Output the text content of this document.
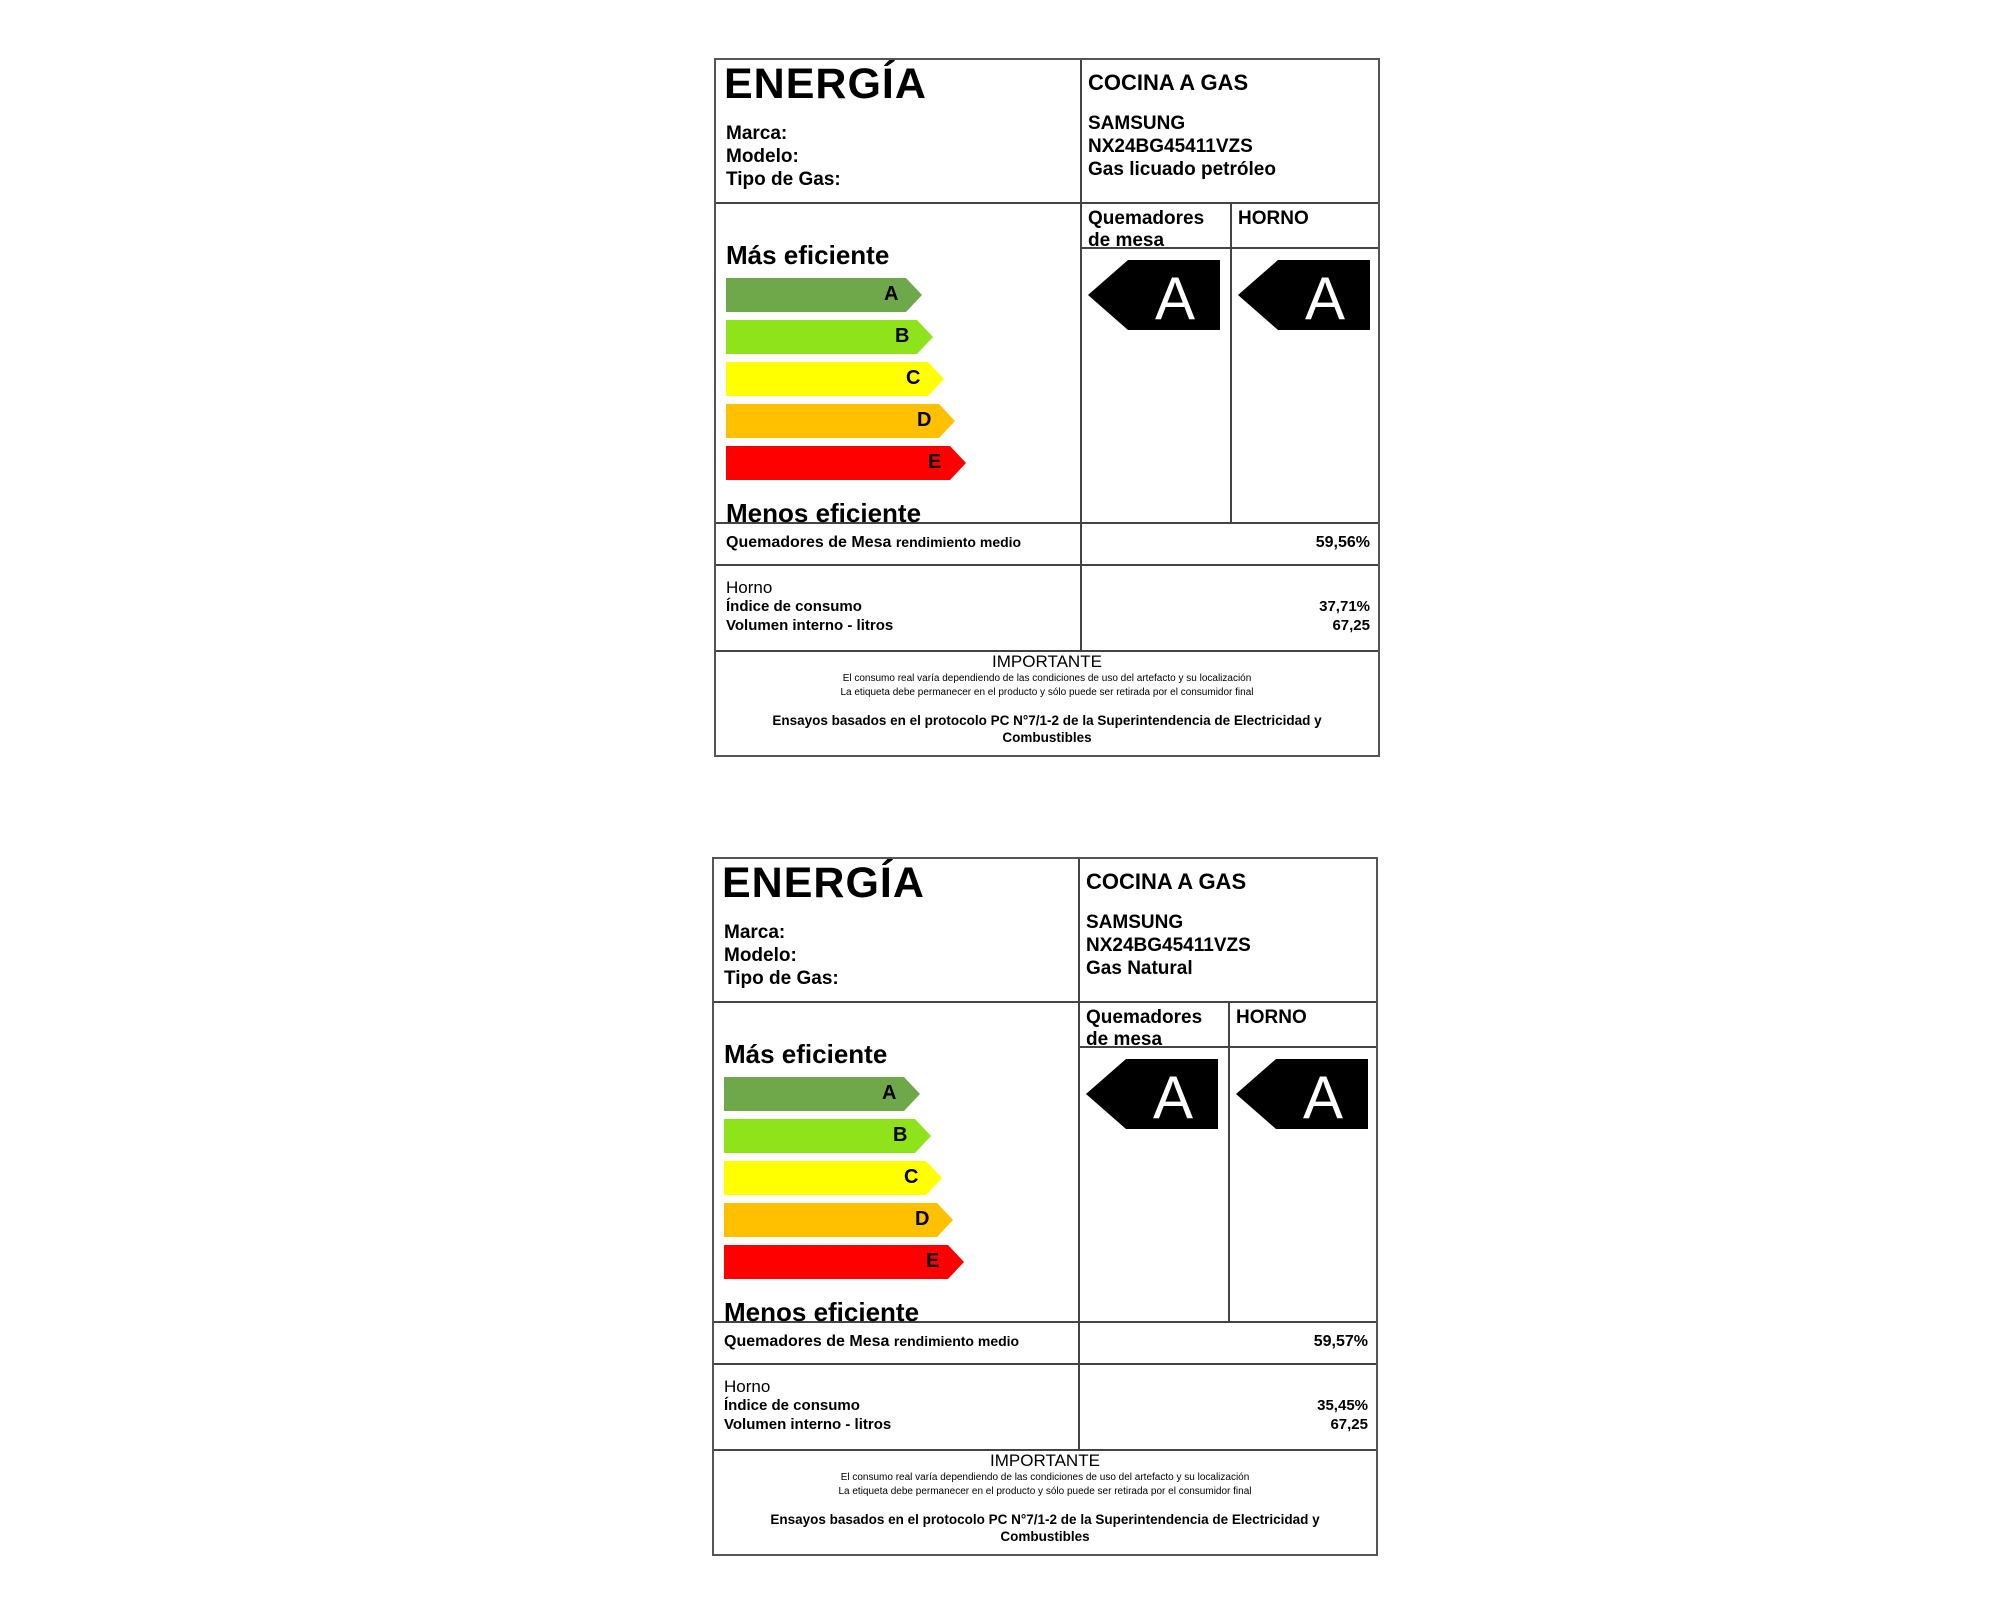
ENERGÍA
Marca:
Modelo:
Tipo de Gas:
COCINA A GAS
SAMSUNG
NX24BG45411VZS
Gas licuado petróleo
Más eficiente
A
B
C
D
E
Menos eficiente
Quemadores de mesa
HORNO
A A
Quemadores de Mesa rendimiento medio	59,56%
Horno
Índice de consumo
Volumen interno - litros
37,71%
67,25
IMPORTANTE
El consumo real varía dependiendo de las condiciones de uso del artefacto y su localización
La etiqueta debe permanecer en el producto y sólo puede ser retirada por el consumidor final
Ensayos basados en el protocolo PC N°7/1-2 de la Superintendencia de Electricidad y
Combustibles
ENERGÍA
Marca:
Modelo:
Tipo de Gas:
COCINA A GAS
SAMSUNG
NX24BG45411VZS
Gas Natural
Más eficiente
A
B
C
D
E
Menos eficiente
Quemadores de mesa
HORNO
A A
Quemadores de Mesa rendimiento medio	59,57%
Horno
Índice de consumo
Volumen interno - litros
35,45%
67,25
IMPORTANTE
El consumo real varía dependiendo de las condiciones de uso del artefacto y su localización
La etiqueta debe permanecer en el producto y sólo puede ser retirada por el consumidor final
Ensayos basados en el protocolo PC N°7/1-2 de la Superintendencia de Electricidad y
Combustibles
